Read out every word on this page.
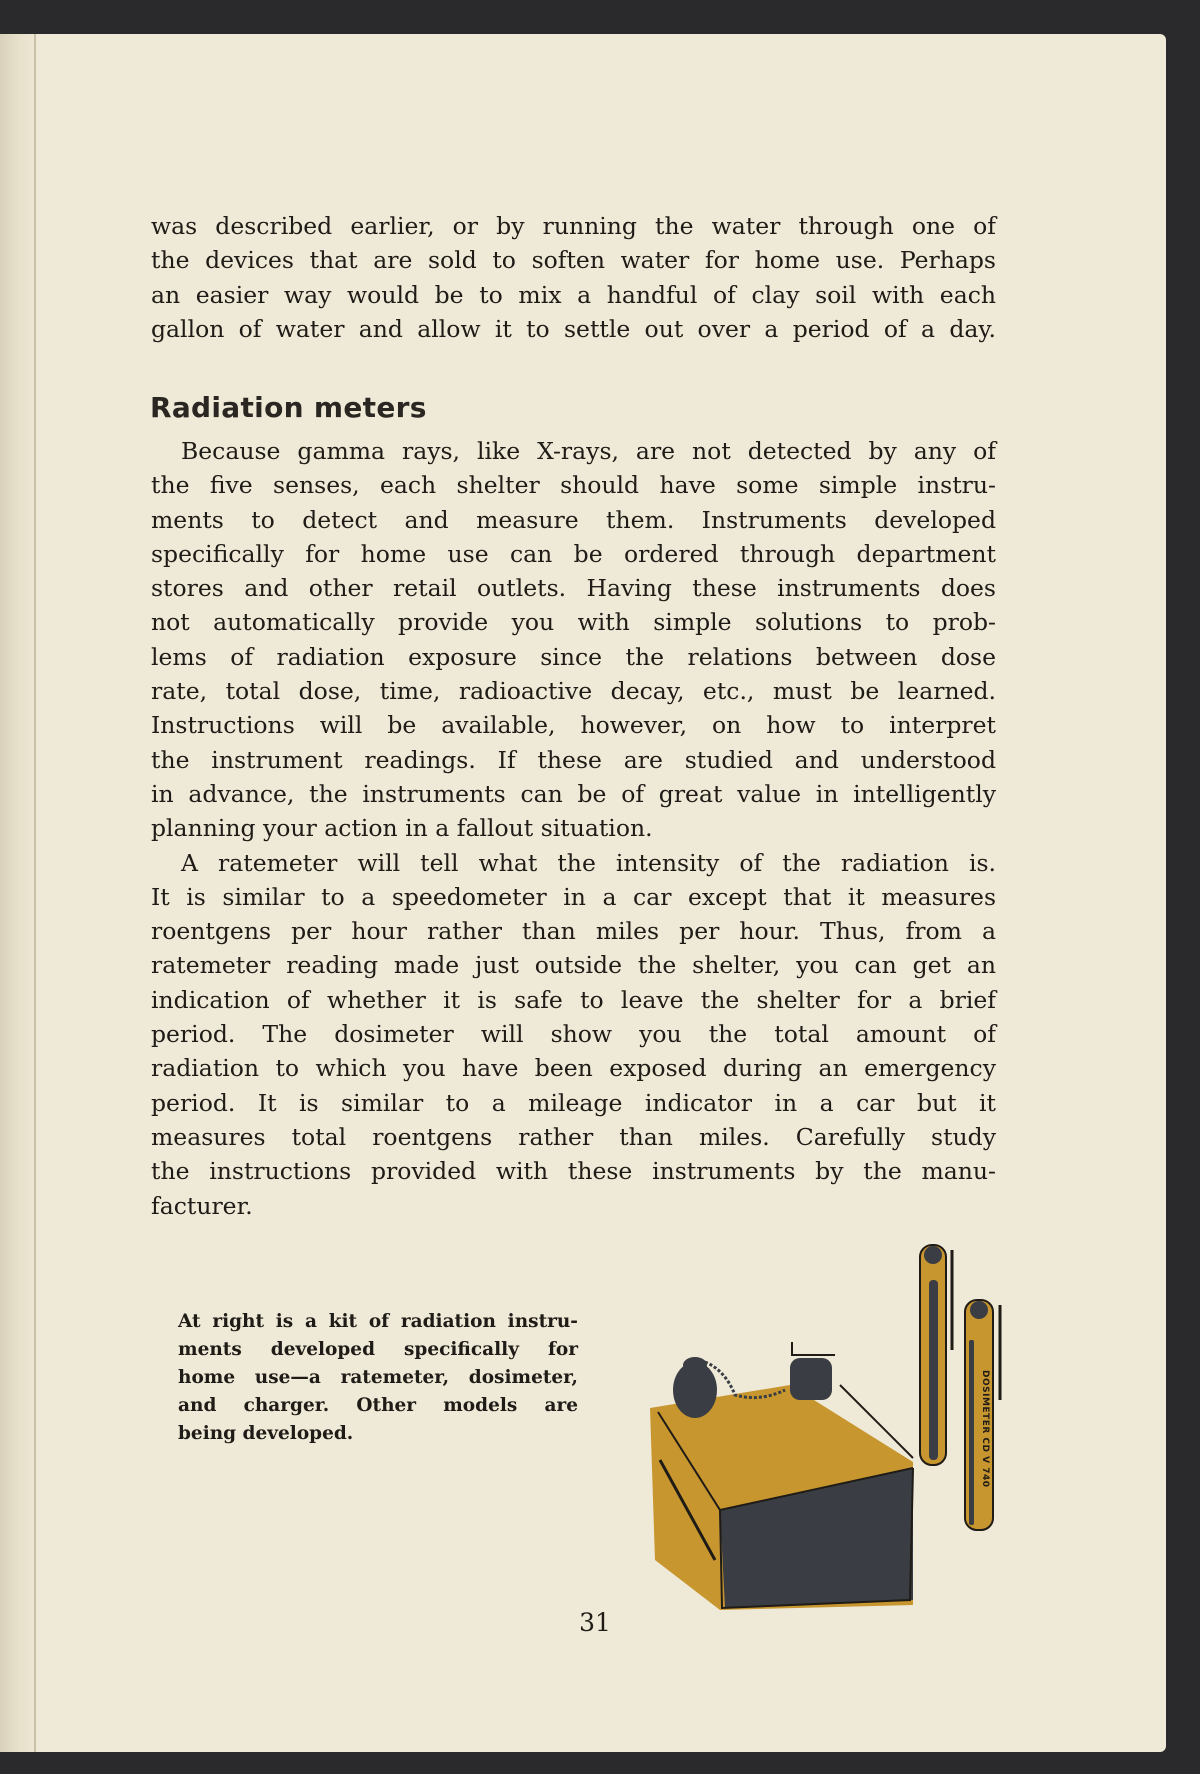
was described earlier, or by running the water through one of
the devices that are sold to soften water for home use. Perhaps
an easier way would be to mix a handful of clay soil with each
gallon of water and allow it to settle out over a period of a day.
Radiation meters
Because gamma rays, like X-rays, are not detected by any of
the five senses, each shelter should have some simple instru-
ments to detect and measure them. Instruments developed
specifically for home use can be ordered through department
stores and other retail outlets. Having these instruments does
not automatically provide you with simple solutions to prob-
lems of radiation exposure since the relations between dose
rate, total dose, time, radioactive decay, etc., must be learned.
Instructions will be available, however, on how to interpret
the instrument readings. If these are studied and understood
in advance, the instruments can be of great value in intelligently
planning your action in a fallout situation.
A ratemeter will tell what the intensity of the radiation is.
It is similar to a speedometer in a car except that it measures
roentgens per hour rather than miles per hour. Thus, from a
ratemeter reading made just outside the shelter, you can get an
indication of whether it is safe to leave the shelter for a brief
period. The dosimeter will show you the total amount of
radiation to which you have been exposed during an emergency
period. It is similar to a mileage indicator in a car but it
measures total roentgens rather than miles. Carefully study
the instructions provided with these instruments by the manu-
facturer.
At right is a kit of radiation instru-
ments developed specifically for
home use—a ratemeter, dosimeter,
and charger. Other models are
being developed.	DOSIMETER CD V 740
31
